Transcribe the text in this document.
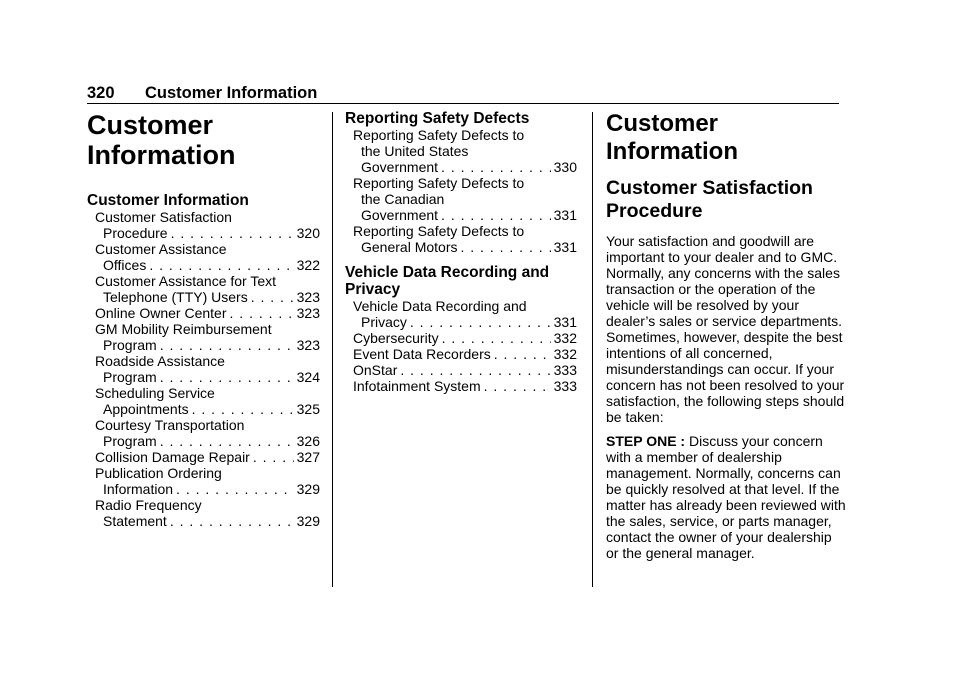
320 Customer Information
Customer
Information
Customer Information
Customer Satisfaction
Procedure . . .	320
Customer Assistance
Offices . . .	322
Customer Assistance for Text
Telephone (TTY) Users . . .	323
Online Owner Center . . .	323
GM Mobility Reimbursement
Program . . .	323
Roadside Assistance
Program . . .	324
Scheduling Service
Appointments . . .	325
Courtesy Transportation
Program . . .	326
Collision Damage Repair . . .	327
Publication Ordering
Information . . .	329
Radio Frequency
Statement . . .	329
Reporting Safety Defects
Reporting Safety Defects to
the United States
Government . . .	330
Reporting Safety Defects to
the Canadian
Government . . .	331
Reporting Safety Defects to
General Motors . . .	331
Vehicle Data Recording and
Privacy
Vehicle Data Recording and
Privacy . . .	331
Cybersecurity . . .	332
Event Data Recorders . . .	332
OnStar . . .	333
Infotainment System . . .	333
Customer Information
Customer Satisfaction
Procedure

Your satisfaction and goodwill are important to your dealer and to GMC. Normally, any concerns with the sales transaction or the operation of the vehicle will be resolved by your dealer’s sales or service departments. Sometimes, however, despite the best intentions of all concerned, misunderstandings can occur. If your concern has not been resolved to your satisfaction, the following steps should be taken:

STEP ONE : Discuss your concern with a member of dealership management. Normally, concerns can be quickly resolved at that level. If the matter has already been reviewed with the sales, service, or parts manager, contact the owner of your dealership or the general manager.
